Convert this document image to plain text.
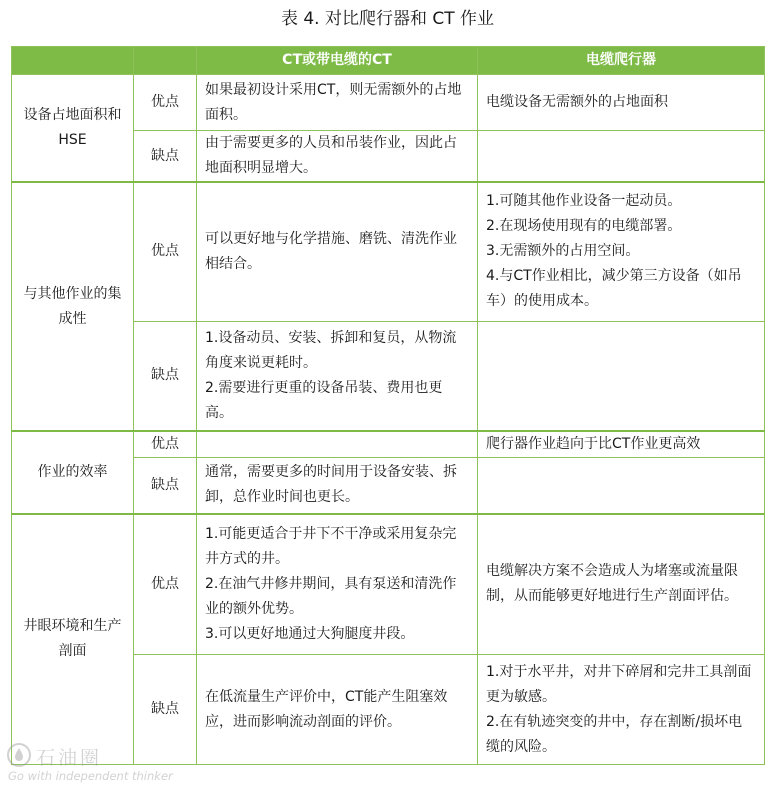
表 4. 对比爬行器和 CT 作业
		CT或带电缆的CT	电缆爬行器
设备占地面积和HSE	优点	如果最初设计采用CT，则无需额外的占地面积。	电缆设备无需额外的占地面积

	缺点	由于需要更多的人员和吊装作业，因此占地面积明显增大。	

与其他作业的集成性	优点	可以更好地与化学措施、磨铣、清洗作业相结合。	1.可随其他作业设备一起动员。
2.在现场使用现有的电缆部署。
3.无需额外的占用空间。
4.与CT作业相比，减少第三方设备（如吊车）的使用成本。

	缺点	1.设备动员、安装、拆卸和复员，从物流角度来说更耗时。
2.需要进行更重的设备吊装、费用也更高。	

作业的效率	优点		爬行器作业趋向于比CT作业更高效

	缺点	通常，需要更多的时间用于设备安装、拆卸，总作业时间也更长。	

井眼环境和生产剖面	优点	1.可能更适合于井下不干净或采用复杂完井方式的井。
2.在油气井修井期间，具有泵送和清洗作业的额外优势。
3.可以更好地通过大狗腿度井段。	电缆解决方案不会造成人为堵塞或流量限制，从而能够更好地进行生产剖面评估。

	缺点	在低流量生产评价中，CT能产生阻塞效应，进而影响流动剖面的评价。	1.对于水平井，对井下碎屑和完井工具剖面更为敏感。
2.在有轨迹突变的井中，存在割断/损坏电缆的风险。
石油圈
Go with independent thinker
